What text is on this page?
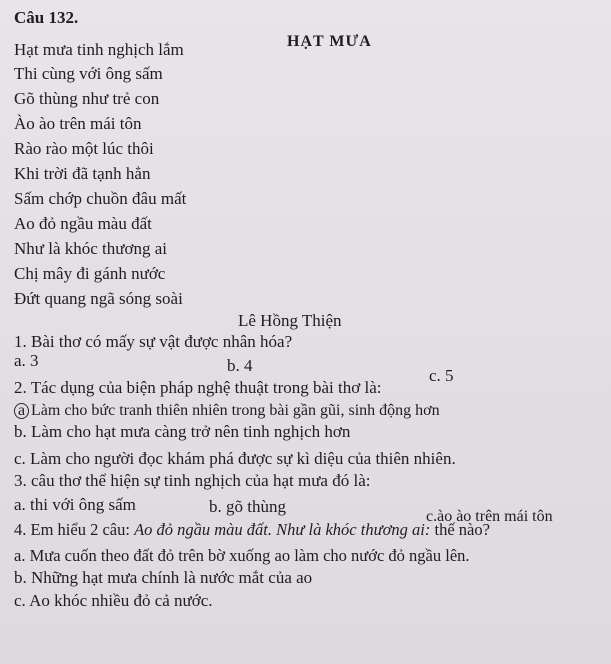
Câu 132.
HẠT MƯA
Hạt mưa tinh nghịch lắm
Thi cùng với ông sấm
Gõ thùng như trẻ con
Ào ào trên mái tôn
Rào rào một lúc thôi
Khi trời đã tạnh hẳn
Sấm chớp chuồn đâu mất
Ao đỏ ngầu màu đất
Như là khóc thương ai
Chị mây đi gánh nước
Đứt quang ngã sóng soài
Lê Hồng Thiện
1. Bài thơ có mấy sự vật được nhân hóa?
a. 3	b. 4
c. 5
2. Tác dụng của biện pháp nghệ thuật trong bài thơ là:
a Làm cho bức tranh thiên nhiên trong bài gần gũi, sinh động hơn
b. Làm cho hạt mưa càng trở nên tinh nghịch hơn
c. Làm cho người đọc khám phá được sự kì diệu của thiên nhiên.
3. câu thơ thể hiện sự tinh nghịch của hạt mưa đó là:
a. thi với ông sấm	b. gõ thùng
c.ào ào trên mái tôn
4. Em hiểu 2 câu: Ao đỏ ngầu màu đất. Như là khóc thương ai: thế nào?
a. Mưa cuốn theo đất đỏ trên bờ xuống ao làm cho nước đỏ ngầu lên.
b. Những hạt mưa chính là nước mắt của ao
c. Ao khóc nhiều đỏ cả nước.
